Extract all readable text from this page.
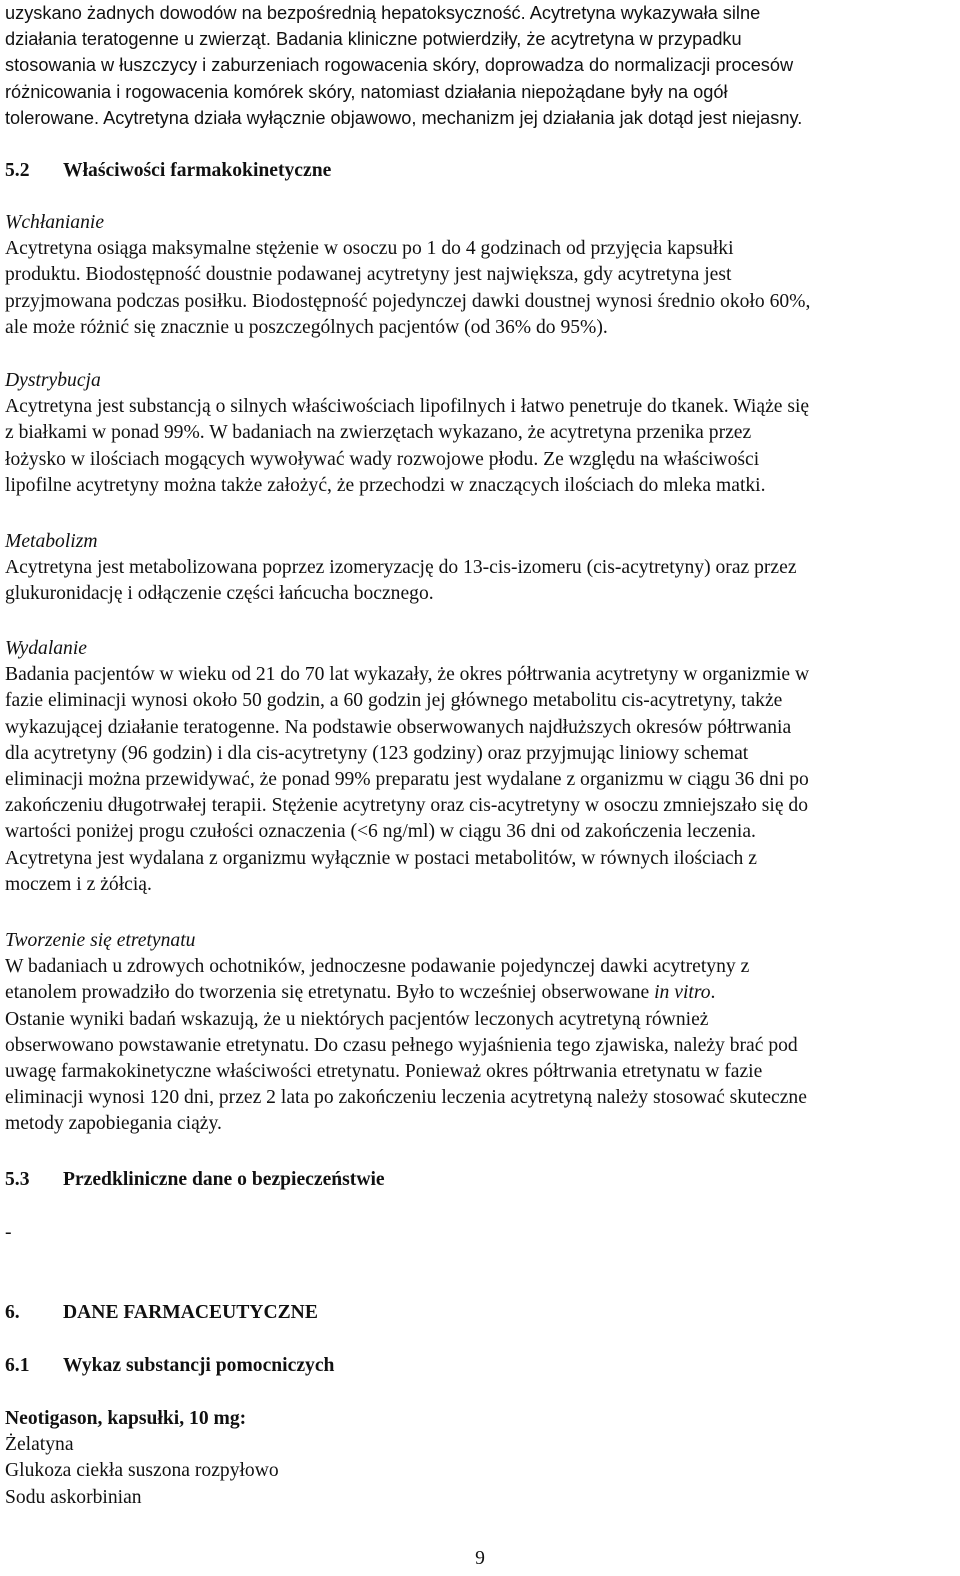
uzyskano żadnych dowodów na bezpośrednią hepatoksyczność. Acytretyna wykazywała silne
działania teratogenne u zwierząt. Badania kliniczne potwierdziły, że acytretyna w przypadku
stosowania w łuszczycy i zaburzeniach rogowacenia skóry, doprowadza do normalizacji procesów
różnicowania i rogowacenia komórek skóry, natomiast działania niepożądane były na ogół
tolerowane. Acytretyna działa wyłącznie objawowo, mechanizm jej działania jak dotąd jest niejasny.
5.2 Właściwości farmakokinetyczne
Wchłanianie
Acytretyna osiąga maksymalne stężenie w osoczu po 1 do 4 godzinach od przyjęcia kapsułki
produktu. Biodostępność doustnie podawanej acytretyny jest największa, gdy acytretyna jest
przyjmowana podczas posiłku. Biodostępność pojedynczej dawki doustnej wynosi średnio około 60%,
ale może różnić się znacznie u poszczególnych pacjentów (od 36% do 95%).
Dystrybucja
Acytretyna jest substancją o silnych właściwościach lipofilnych i łatwo penetruje do tkanek. Wiąże się
z białkami w ponad 99%. W badaniach na zwierzętach wykazano, że acytretyna przenika przez
łożysko w ilościach mogących wywoływać wady rozwojowe płodu. Ze względu na właściwości
lipofilne acytretyny można także założyć, że przechodzi w znaczących ilościach do mleka matki.
Metabolizm
Acytretyna jest metabolizowana poprzez izomeryzację do 13-cis-izomeru (cis-acytretyny) oraz przez
glukuronidację i odłączenie części łańcucha bocznego.
Wydalanie
Badania pacjentów w wieku od 21 do 70 lat wykazały, że okres półtrwania acytretyny w organizmie w
fazie eliminacji wynosi około 50 godzin, a 60 godzin jej głównego metabolitu cis-acytretyny, także
wykazującej działanie teratogenne. Na podstawie obserwowanych najdłuższych okresów półtrwania
dla acytretyny (96 godzin) i dla cis-acytretyny (123 godziny) oraz przyjmując liniowy schemat
eliminacji można przewidywać, że ponad 99% preparatu jest wydalane z organizmu w ciągu 36 dni po
zakończeniu długotrwałej terapii. Stężenie acytretyny oraz cis-acytretyny w osoczu zmniejszało się do
wartości poniżej progu czułości oznaczenia (<6 ng/ml) w ciągu 36 dni od zakończenia leczenia.
Acytretyna jest wydalana z organizmu wyłącznie w postaci metabolitów, w równych ilościach z
moczem i z żółcią.
Tworzenie się etretynatu
W badaniach u zdrowych ochotników, jednoczesne podawanie pojedynczej dawki acytretyny z
etanolem prowadziło do tworzenia się etretynatu. Było to wcześniej obserwowane in vitro.
Ostanie wyniki badań wskazują, że u niektórych pacjentów leczonych acytretyną również
obserwowano powstawanie etretynatu. Do czasu pełnego wyjaśnienia tego zjawiska, należy brać pod
uwagę farmakokinetyczne właściwości etretynatu. Ponieważ okres półtrwania etretynatu w fazie
eliminacji wynosi 120 dni, przez 2 lata po zakończeniu leczenia acytretyną należy stosować skuteczne
metody zapobiegania ciąży.
5.3 Przedkliniczne dane o bezpieczeństwie
-
6. DANE FARMACEUTYCZNE
6.1 Wykaz substancji pomocniczych
Neotigason, kapsułki, 10 mg:
Żelatyna
Glukoza ciekła suszona rozpyłowo
Sodu askorbinian
9
